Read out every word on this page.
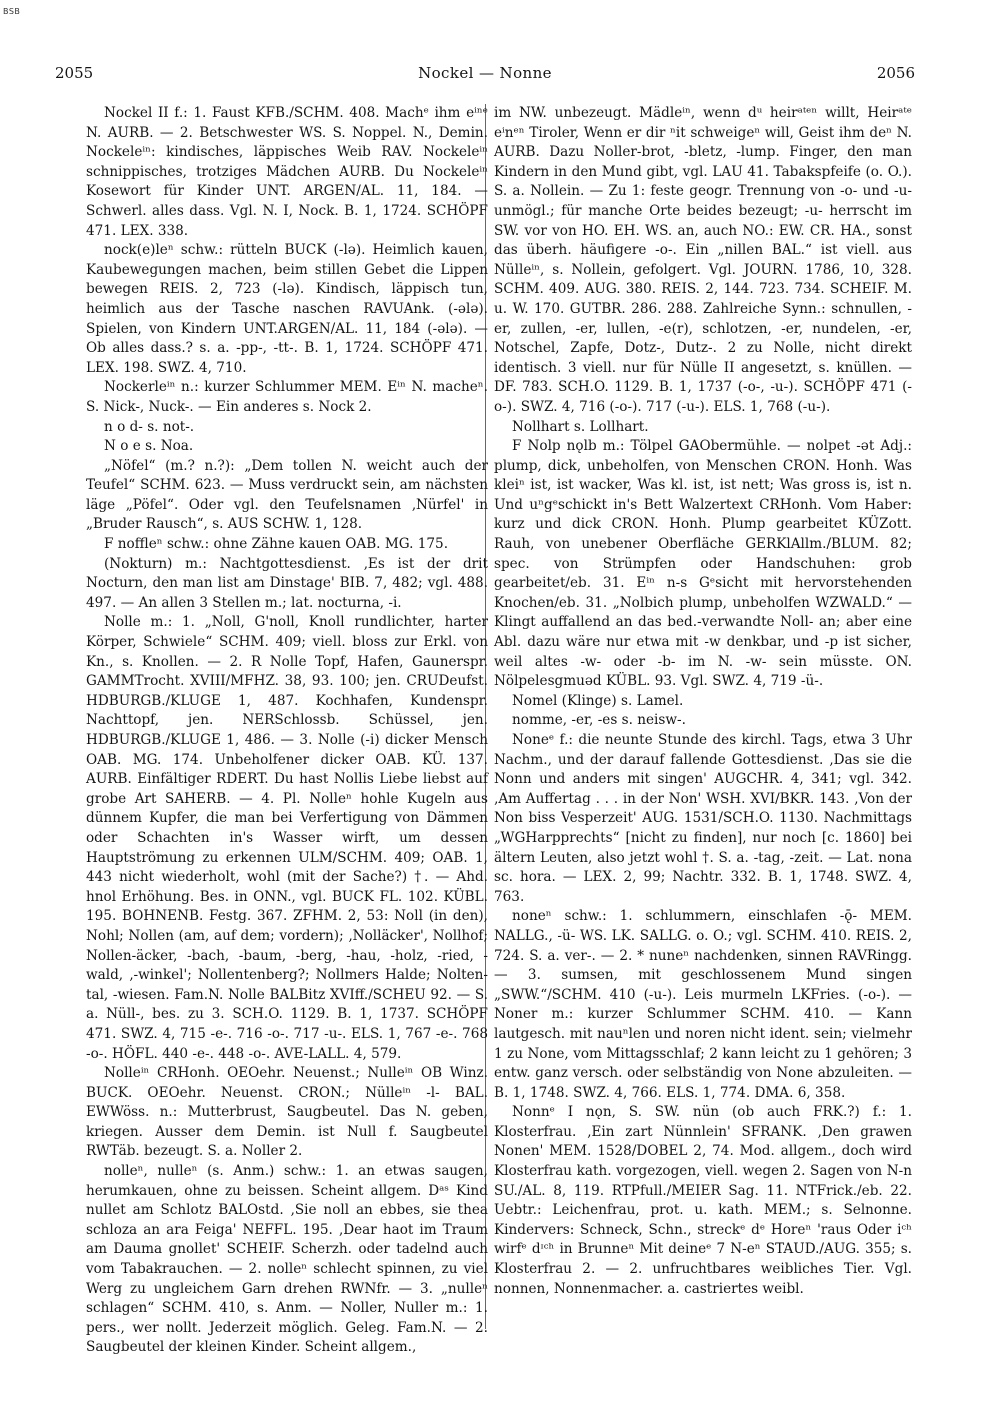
BSB
2055	Nockel — Nonne	2056

Nockel II f.: 1. Faust KFB./SCHM. 408. Machᵉ ihm eⁱⁿᵉ N. AURB. — 2. Betschwester WS. S. Noppel. N., Demin. Nockeleⁱⁿ: kindisches, läppisches Weib RAV. Nockeleⁱⁿ schnippisches, trotziges Mädchen AURB. Du Nockeleⁱⁿ Kosewort für Kinder UNT. ARGEN/AL. 11, 184. — Schwerl. alles dass. Vgl. N. I, Nock. B. 1, 1724. SCHÖPF 471. LEX. 338.

nock(e)leⁿ schw.: rütteln BUCK (-lə). Heimlich kauen, Kaubewegungen machen, beim stillen Gebet die Lippen bewegen REIS. 2, 723 (-lə). Kindisch, läppisch tun, heimlich aus der Tasche naschen RAVUAnk. (-ələ). Spielen, von Kindern UNT.ARGEN/AL. 11, 184 (-ələ). — Ob alles dass.? s. a. -pp-, -tt-. B. 1, 1724. SCHÖPF 471. LEX. 198. SWZ. 4, 710.

Nockerleⁱⁿ n.: kurzer Schlummer MEM. Eⁱⁿ N. macheⁿ. S. Nick-, Nuck-. — Ein anderes s. Nock 2.

n o d- s. not-.

N o e s. Noa.

„Nöfel“ (m.? n.?): „Dem tollen N. weicht auch der Teufel“ SCHM. 623. — Muss verdruckt sein, am nächsten läge „Pöfel“. Oder vgl. den Teufelsnamen ‚Nürfel' in „Bruder Rausch“, s. AUS SCHW. 1, 128.

F noffleⁿ schw.: ohne Zähne kauen OAB. MG. 175.

(Nokturn) m.: Nachtgottesdienst. ‚Es ist der drit Nocturn, den man list am Dinstage' BIB. 7, 482; vgl. 488. 497. — An allen 3 Stellen m.; lat. nocturna, -i.

Nolle m.: 1. „Noll, G'noll, Knoll rundlichter, harter Körper, Schwiele“ SCHM. 409; viell. bloss zur Erkl. von Kn., s. Knollen. — 2. R Nolle Topf, Hafen, Gaunerspr. GAMMTrocht. XVIII/MFHZ. 38, 93. 100; jen. CRUDeufst. HDBURGB./KLUGE 1, 487. Kochhafen, Kundenspr. Nachttopf, jen. NERSchlossb. Schüssel, jen. HDBURGB./KLUGE 1, 486. — 3. Nolle (-i) dicker Mensch OAB. MG. 174. Unbeholfener dicker OAB. KÜ. 137. AURB. Einfältiger RDERT. Du hast Nollis Liebe liebst auf grobe Art SAHERB. — 4. Pl. Nolleⁿ hohle Kugeln aus dünnem Kupfer, die man bei Verfertigung von Dämmen oder Schachten in's Wasser wirft, um dessen Hauptströmung zu erkennen ULM/SCHM. 409; OAB. 1, 443 nicht wiederholt, wohl (mit der Sache?) †. — Ahd. hnol Erhöhung. Bes. in ONN., vgl. BUCK FL. 102. KÜBL. 195. BOHNENB. Festg. 367. ZFHM. 2, 53: Noll (in den), Nohl; Nollen (am, auf dem; vordern); ‚Nolläcker', Nollhof; Nollen-äcker, -bach, -baum, -berg, -hau, -holz, -ried, -wald, ‚-winkel'; Nollentenberg?; Nollmers Halde; Nolten-tal, -wiesen. Fam.N. Nolle BALBitz XVIff./SCHEU 92. — S. a. Nüll-, bes. zu 3. SCH.O. 1129. B. 1, 1737. SCHÖPF 471. SWZ. 4, 715 -e-. 716 -o-. 717 -u-. ELS. 1, 767 -e-. 768 -o-. HÖFL. 440 -e-. 448 -o-. AVE-LALL. 4, 579.

Nolleⁱⁿ CRHonh. OEOehr. Neuenst.; Nulleⁱⁿ OB Winz. BUCK. OEOehr. Neuenst. CRON.; Nülleⁱⁿ -l- BAL. EWWöss. n.: Mutterbrust, Saugbeutel. Das N. geben, kriegen. Ausser dem Demin. ist Null f. Saugbeutel RWTäb. bezeugt. S. a. Noller 2.

nolleⁿ, nulleⁿ (s. Anm.) schw.: 1. an etwas saugen, herumkauen, ohne zu beissen. Scheint allgem. Dᵃˢ Kind nullet am Schlotz BALOstd. ‚Sie noll an ebbes, sie thea schloza an ara Feiga' NEFFL. 195. ‚Dear haot im Traum am Dauma gnollet' SCHEIF. Scherzh. oder tadelnd auch vom Tabakrauchen. — 2. nolleⁿ schlecht spinnen, zu viel Werg zu ungleichem Garn drehen RWNfr. — 3. „nulleⁿ schlagen“ SCHM. 410, s. Anm. — Noller, Nuller m.: 1. pers., wer nollt. Jederzeit möglich. Geleg. Fam.N. — 2. Saugbeutel der kleinen Kinder. Scheint allgem.,

im NW. unbezeugt. Mädleⁱⁿ, wenn dᵘ heirᵃᵗᵉⁿ willt, Heirᵃᵗᵉ eⁱnᵉⁿ Tiroler, Wenn er dir ⁿit schweigeⁿ will, Geist ihm deⁿ N. AURB. Dazu Noller-brot, -bletz, -lump. Finger, den man Kindern in den Mund gibt, vgl. LAU 41. Tabakspfeife (o. O.). S. a. Nollein. — Zu 1: feste geogr. Trennung von -o- und -u- unmögl.; für manche Orte beides bezeugt; -u- herrscht im SW. vor von HO. EH. WS. an, auch NO.: EW. CR. HA., sonst das überh. häufigere -o-. Ein „nillen BAL.“ ist viell. aus Nülleⁱⁿ, s. Nollein, gefolgert. Vgl. JOURN. 1786, 10, 328. SCHM. 409. AUG. 380. REIS. 2, 144. 723. 734. SCHEIF. M. u. W. 170. GUTBR. 286. 288. Zahlreiche Synn.: schnullen, -er, zullen, -er, lullen, -e(r), schlotzen, -er, nundelen, -er, Notschel, Zapfe, Dotz-, Dutz-. 2 zu Nolle, nicht direkt identisch. 3 viell. nur für Nülle II angesetzt, s. knüllen. — DF. 783. SCH.O. 1129. B. 1, 1737 (-o-, -u-). SCHÖPF 471 (-o-). SWZ. 4, 716 (-o-). 717 (-u-). ELS. 1, 768 (-u-).

Nollhart s. Lollhart.

F Nolp nǫlb m.: Tölpel GAObermühle. — nolpet -ət Adj.: plump, dick, unbeholfen, von Menschen CRON. Honh. Was kleiⁿ ist, ist wacker, Was kl. ist, ist nett; Was gross is, ist n. Und uⁿgᵉschickt in's Bett Walzertext CRHonh. Vom Haber: kurz und dick CRON. Honh. Plump gearbeitet KÜZott. Rauh, von unebener Oberfläche GERKlAllm./BLUM. 82; spec. von Strümpfen oder Handschuhen: grob gearbeitet/eb. 31. Eⁱⁿ n-s Gᵉsicht mit hervorstehenden Knochen/eb. 31. „Nolbich plump, unbeholfen WZWALD.“ — Klingt auffallend an das bed.-verwandte Noll- an; aber eine Abl. dazu wäre nur etwa mit -w denkbar, und -p ist sicher, weil altes -w- oder -b- im N. -w- sein müsste. ON. Nölpelesgmuəd KÜBL. 93. Vgl. SWZ. 4, 719 -ü-.

Nomel (Klinge) s. Lamel.

nomme, -er, -es s. neisw-.

Noneᵉ f.: die neunte Stunde des kirchl. Tags, etwa 3 Uhr Nachm., und der darauf fallende Gottesdienst. ‚Das sie die Nonn und anders mit singen' AUGCHR. 4, 341; vgl. 342. ‚Am Auffertag . . . in der Non' WSH. XVI/BKR. 143. ‚Von der Non biss Vesperzeit' AUG. 1531/SCH.O. 1130. Nachmittags „WGHarpprechts“ [nicht zu finden], nur noch [c. 1860] bei ältern Leuten, also jetzt wohl †. S. a. -tag, -zeit. — Lat. nona sc. hora. — LEX. 2, 99; Nachtr. 332. B. 1, 1748. SWZ. 4, 763.

noneⁿ schw.: 1. schlummern, einschlafen -ǭ- MEM. NALLG., -ü- WS. LK. SALLG. o. O.; vgl. SCHM. 410. REIS. 2, 724. S. a. ver-. — 2. * nuneⁿ nachdenken, sinnen RAVRingg. — 3. sumsen, mit geschlossenem Mund singen „SWW.“/SCHM. 410 (-u-). Leis murmeln LKFries. (-o-). — Noner m.: kurzer Schlummer SCHM. 410. — Kann lautgesch. mit nauⁿlen und noren nicht ident. sein; vielmehr 1 zu None, vom Mittagsschlaf; 2 kann leicht zu 1 gehören; 3 entw. ganz versch. oder selbständig von None abzuleiten. — B. 1, 1748. SWZ. 4, 766. ELS. 1, 774. DMA. 6, 358.

Nonnᵉ I nǫn, S. SW. nün (ob auch FRK.?) f.: 1. Klosterfrau. ‚Ein zart Nünnlein' SFRANK. ‚Den grawen Nonen' MEM. 1528/DOBEL 2, 74. Mod. allgem., doch wird Klosterfrau kath. vorgezogen, viell. wegen 2. Sagen von N-n SU./AL. 8, 119. RTPfull./MEIER Sag. 11. NTFrick./eb. 22. Uebtr.: Leichenfrau, prot. u. kath. MEM.; s. Selnonne. Kindervers: Schneck, Schn., streckᵉ dᵉ Horeⁿ 'raus Oder iᶜʰ wirfᵉ dᶦᶜʰ in Brunneⁿ Mit deineᵉ 7 N-eⁿ STAUD./AUG. 355; s. Klosterfrau 2. — 2. unfruchtbares weibliches Tier. Vgl. nonnen, Nonnenmacher. a. castriertes weibl.
